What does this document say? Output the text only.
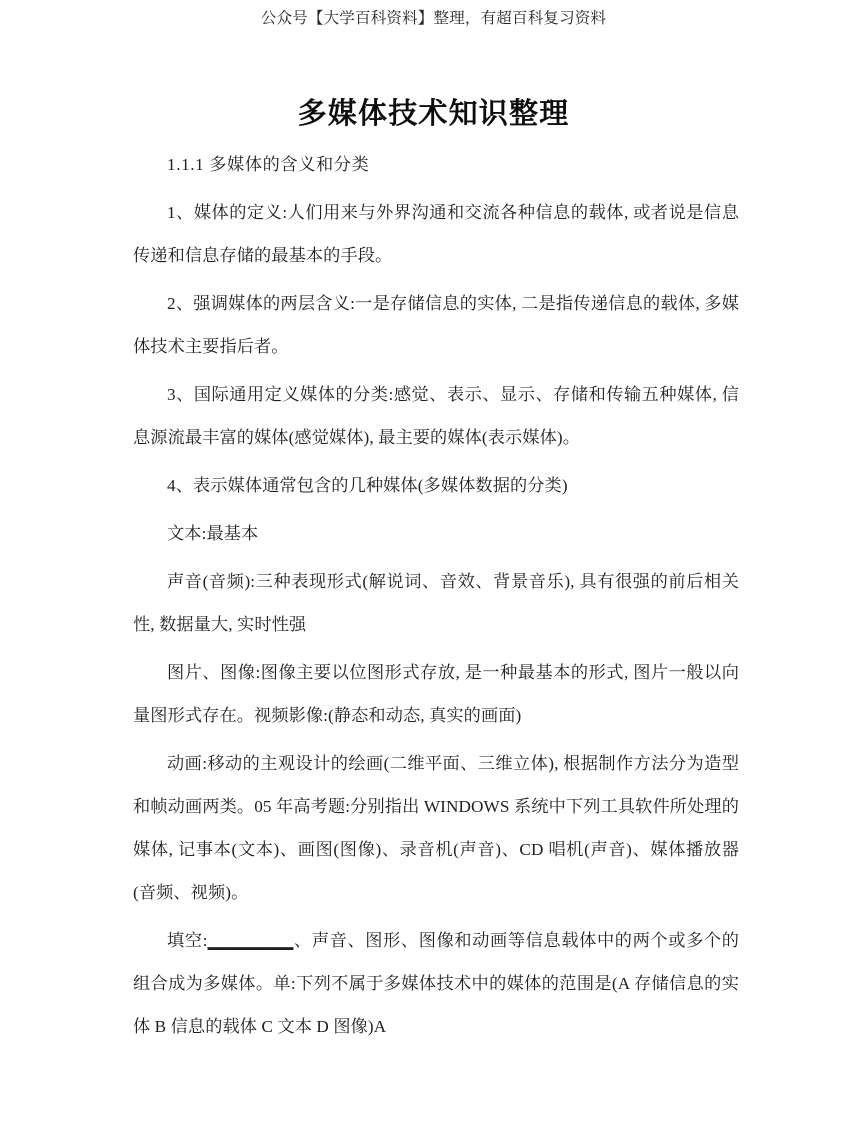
公众号【大学百科资料】整理，有超百科复习资料
多媒体技术知识整理

1.1.1 多媒体的含义和分类

1、媒体的定义:人们用来与外界沟通和交流各种信息的载体, 或者说是信息传递和信息存储的最基本的手段。

2、强调媒体的两层含义:一是存储信息的实体, 二是指传递信息的载体, 多媒体技术主要指后者。

3、国际通用定义媒体的分类:感觉、表示、显示、存储和传输五种媒体, 信息源流最丰富的媒体(感觉媒体), 最主要的媒体(表示媒体)。

4、表示媒体通常包含的几种媒体(多媒体数据的分类)

文本:最基本

声音(音频):三种表现形式(解说词、音效、背景音乐), 具有很强的前后相关性, 数据量大, 实时性强

图片、图像:图像主要以位图形式存放, 是一种最基本的形式, 图片一般以向量图形式存在。视频影像:(静态和动态, 真实的画面)

动画:移动的主观设计的绘画(二维平面、三维立体), 根据制作方法分为造型和帧动画两类。05 年高考题:分别指出 WINDOWS 系统中下列工具软件所处理的媒体, 记事本(文本)、画图(图像)、录音机(声音)、CD 唱机(声音)、媒体播放器(音频、视频)。

填空:__________、声音、图形、图像和动画等信息载体中的两个或多个的组合成为多媒体。单:下列不属于多媒体技术中的媒体的范围是(A 存储信息的实体 B 信息的载体 C 文本 D 图像)A
